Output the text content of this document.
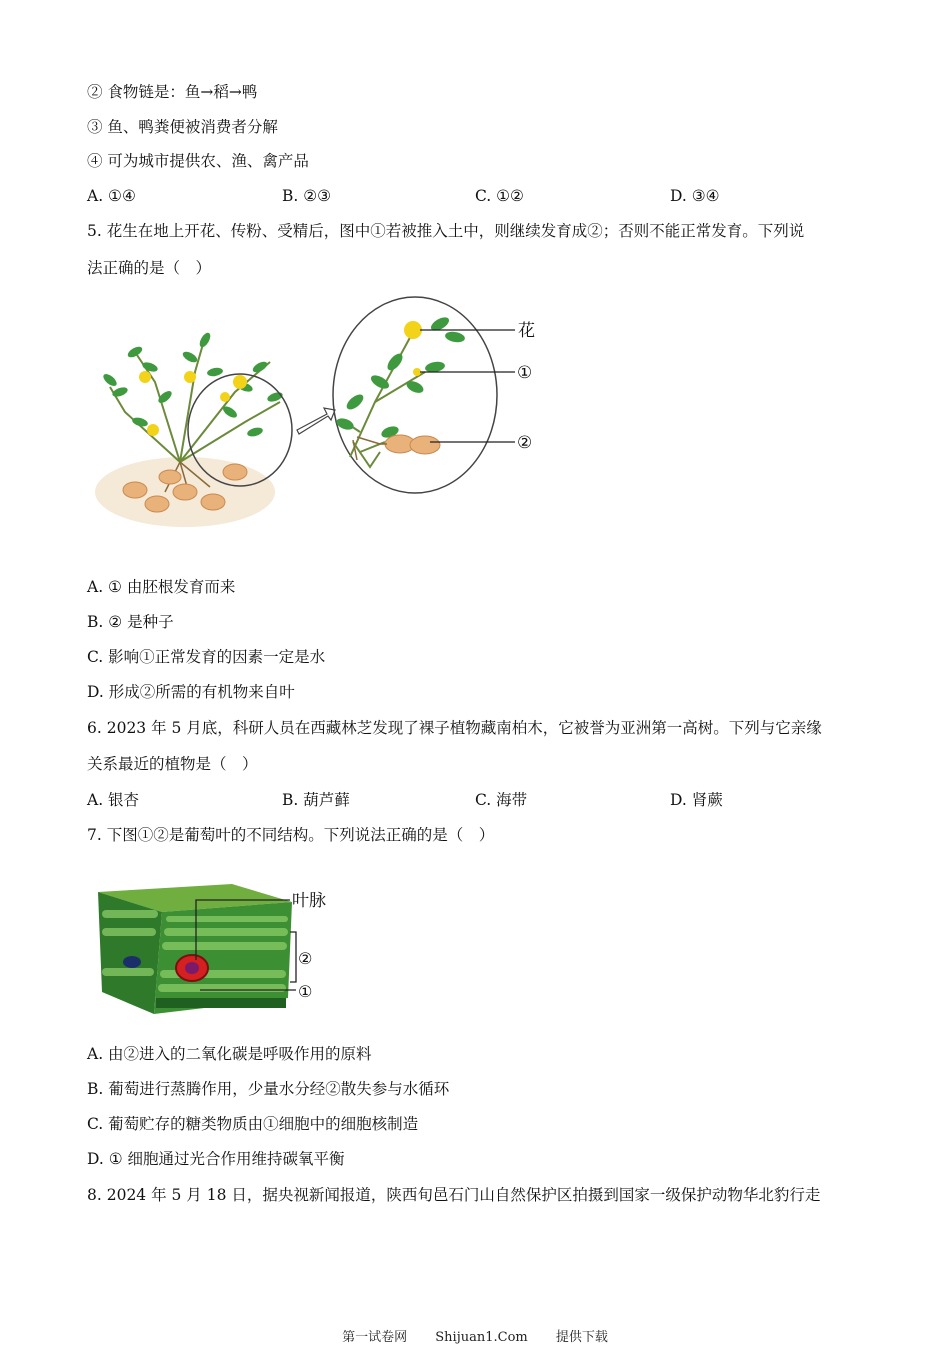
② 食物链是：鱼→稻→鸭
③ 鱼、鸭粪便被消费者分解
④ 可为城市提供农、渔、禽产品
A. ①④	B. ②③	C. ①②	D. ③④
5. 花生在地上开花、传粉、受精后，图中①若被推入土中，则继续发育成②；否则不能正常发育。下列说
法正确的是（　）
花
①
②
A. ① 由胚根发育而来
B. ② 是种子
C. 影响①正常发育的因素一定是水
D. 形成②所需的有机物来自叶
6. 2023 年 5 月底，科研人员在西藏林芝发现了裸子植物藏南柏木，它被誉为亚洲第一高树。下列与它亲缘
关系最近的植物是（　）
A. 银杏	B. 葫芦藓	C. 海带	D. 肾蕨
7. 下图①②是葡萄叶的不同结构。下列说法正确的是（　）
叶脉
②
①
A. 由②进入的二氧化碳是呼吸作用的原料
B. 葡萄进行蒸腾作用，少量水分经②散失参与水循环
C. 葡萄贮存的糖类物质由①细胞中的细胞核制造
D. ① 细胞通过光合作用维持碳氧平衡
8. 2024 年 5 月 18 日，据央视新闻报道，陕西旬邑石门山自然保护区拍摄到国家一级保护动物华北豹行走
第一试卷网 Shijuan1.Com 提供下载
